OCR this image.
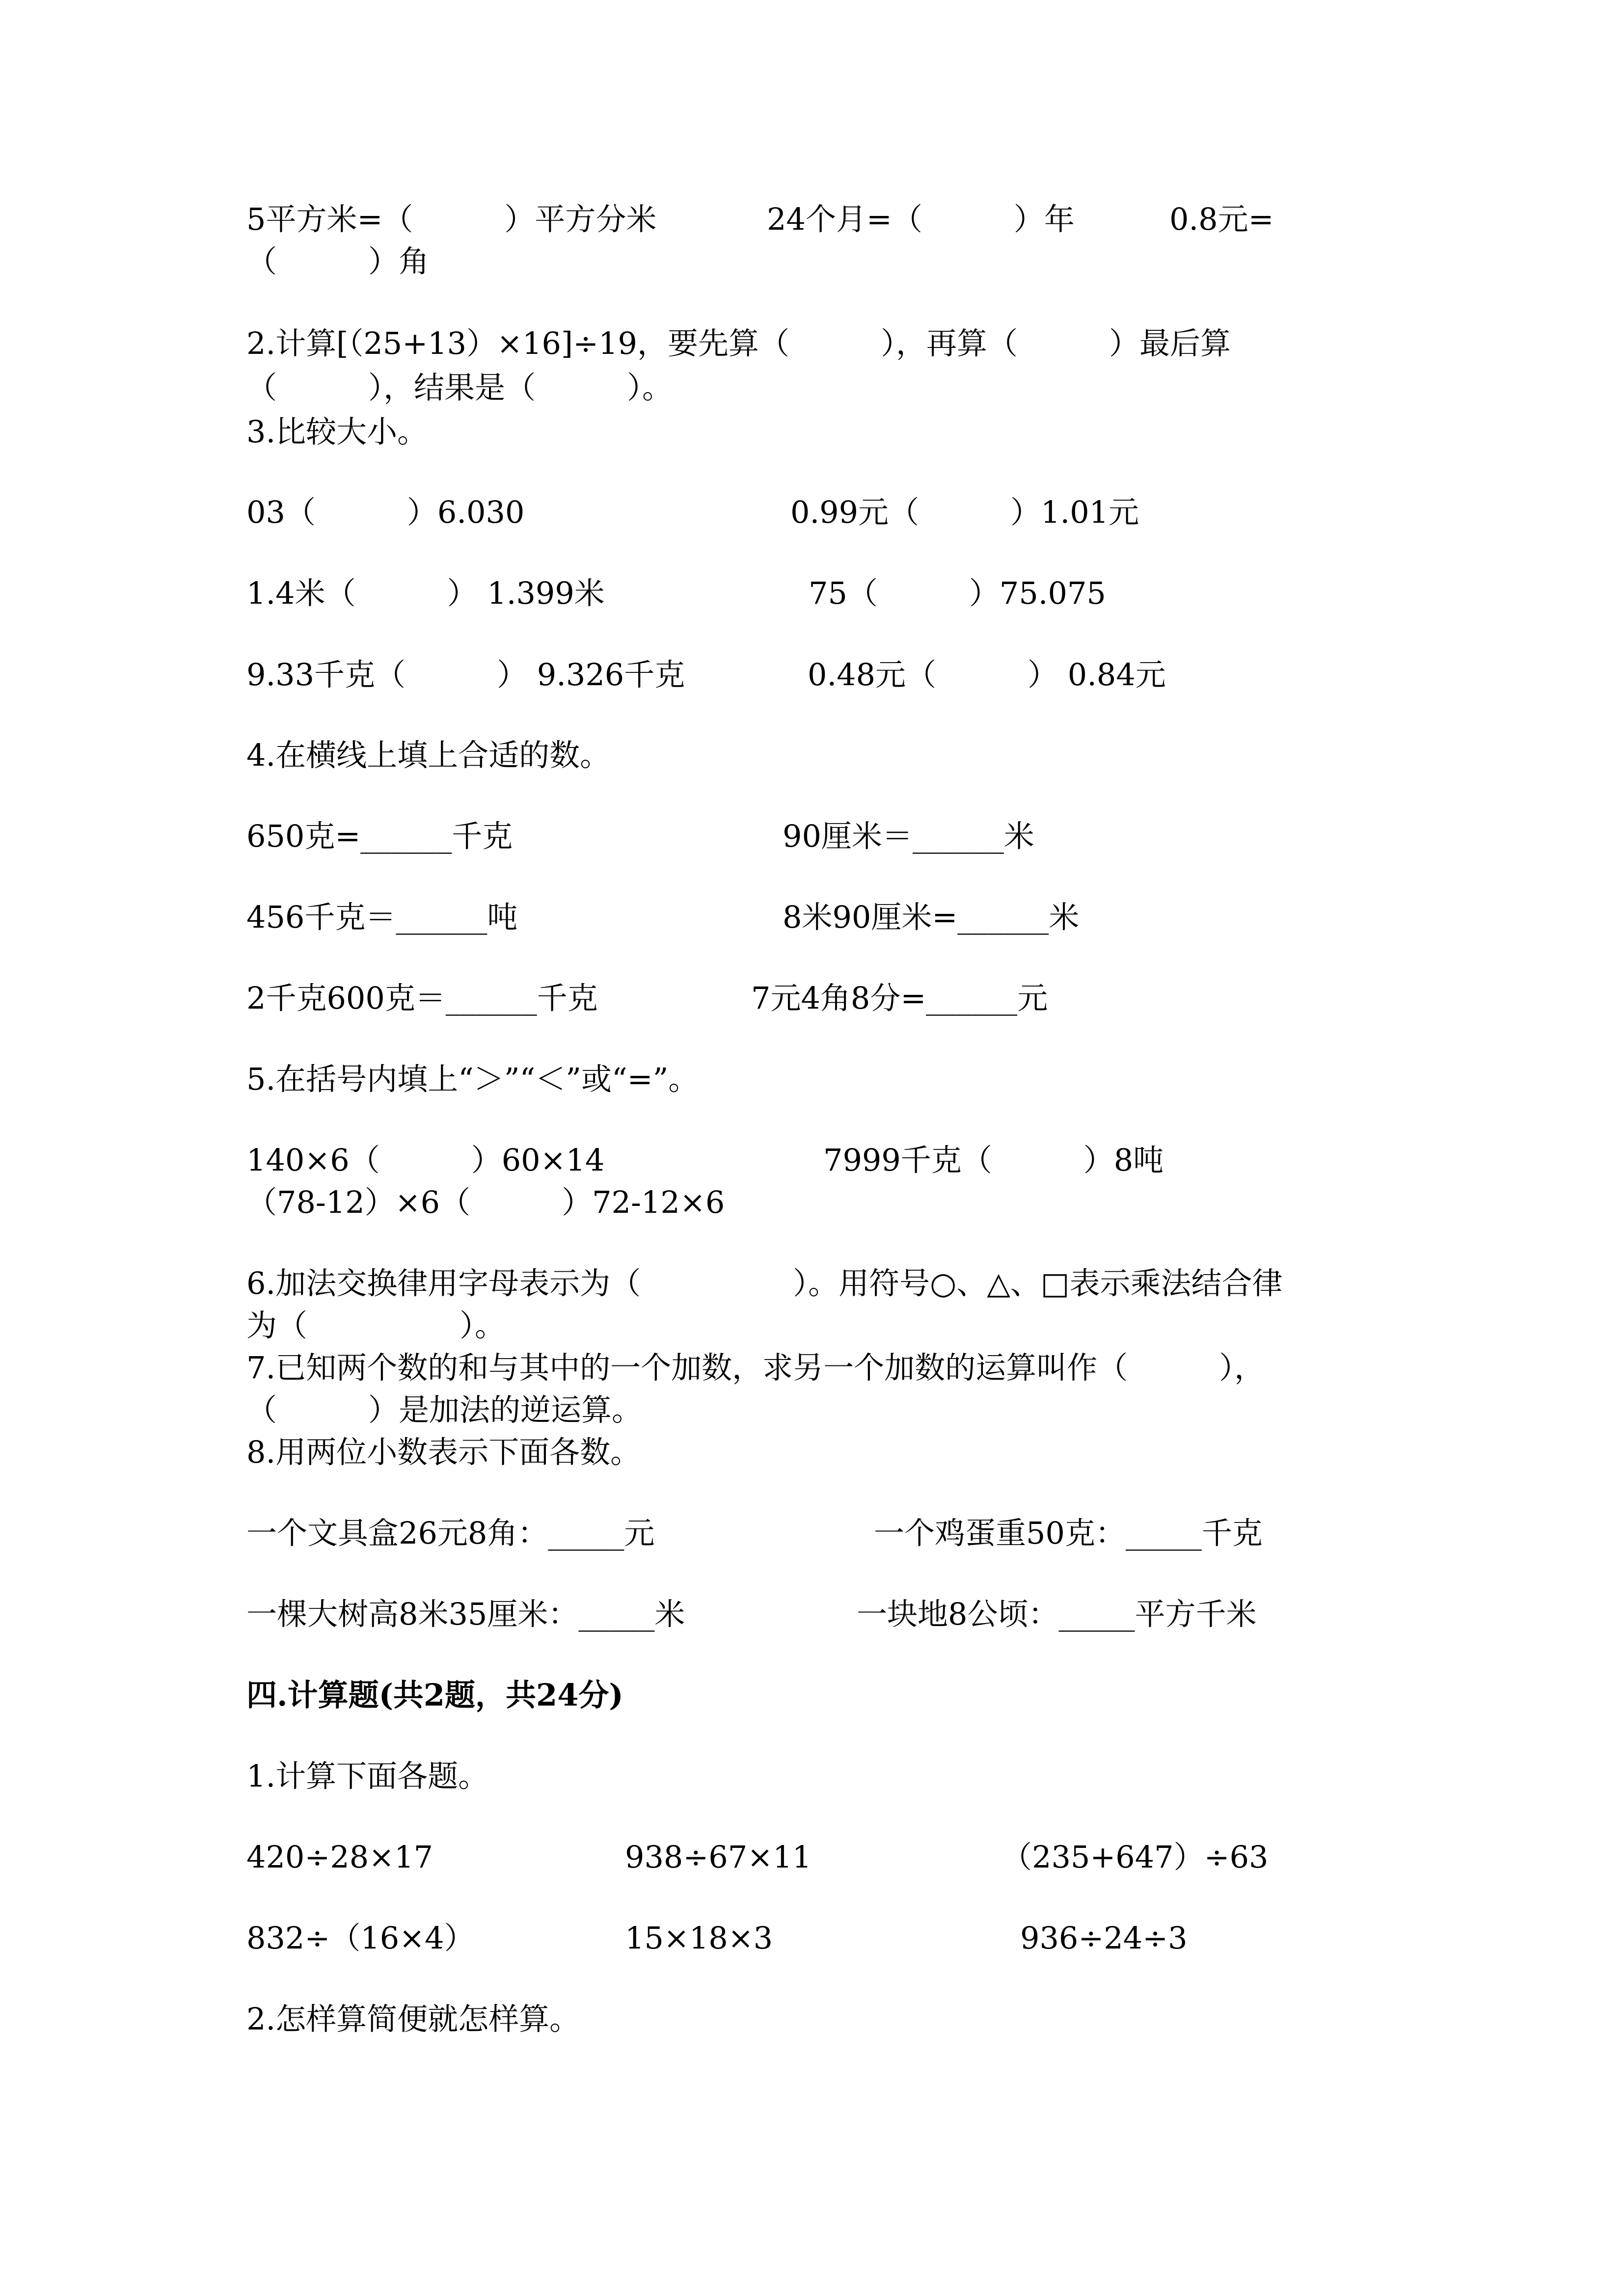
5平方米=（　　　）平方分米	24个月=（　　　）年	0.8元=
（　　　）角
2.计算[（25+13）×16]÷19，要先算（　　　），再算（　　　）最后算
（　　　），结果是（　　　）。
3.比较大小。
03（　　　）6.030	0.99元（　　　）1.01元
1.4米（　　　） 1.399米	75（　　　）75.075
9.33千克（　　　） 9.326千克	0.48元（　　　） 0.84元
4.在横线上填上合适的数。
650克=______千克	90厘米＝______米
456千克＝______吨	8米90厘米=______米
2千克600克＝______千克	7元4角8分=______元
5.在括号内填上“＞”“＜”或“=”。
140×6（　　　）60×14	7999千克（　　　）8吨
（78-12）×6（　　　）72-12×6
6.加法交换律用字母表示为（　　　　　）。用符号○、△、□表示乘法结合律
为（　　　　　）。
7.已知两个数的和与其中的一个加数，求另一个加数的运算叫作（　　　），
（　　　）是加法的逆运算。
8.用两位小数表示下面各数。
一个文具盒26元8角：_____元	一个鸡蛋重50克：_____千克
一棵大树高8米35厘米：_____米	一块地8公顷：_____平方千米
四.计算题(共2题，共24分)
1.计算下面各题。
420÷28×17	938÷67×11	（235+647）÷63
832÷（16×4）	15×18×3	936÷24÷3
2.怎样算简便就怎样算。
